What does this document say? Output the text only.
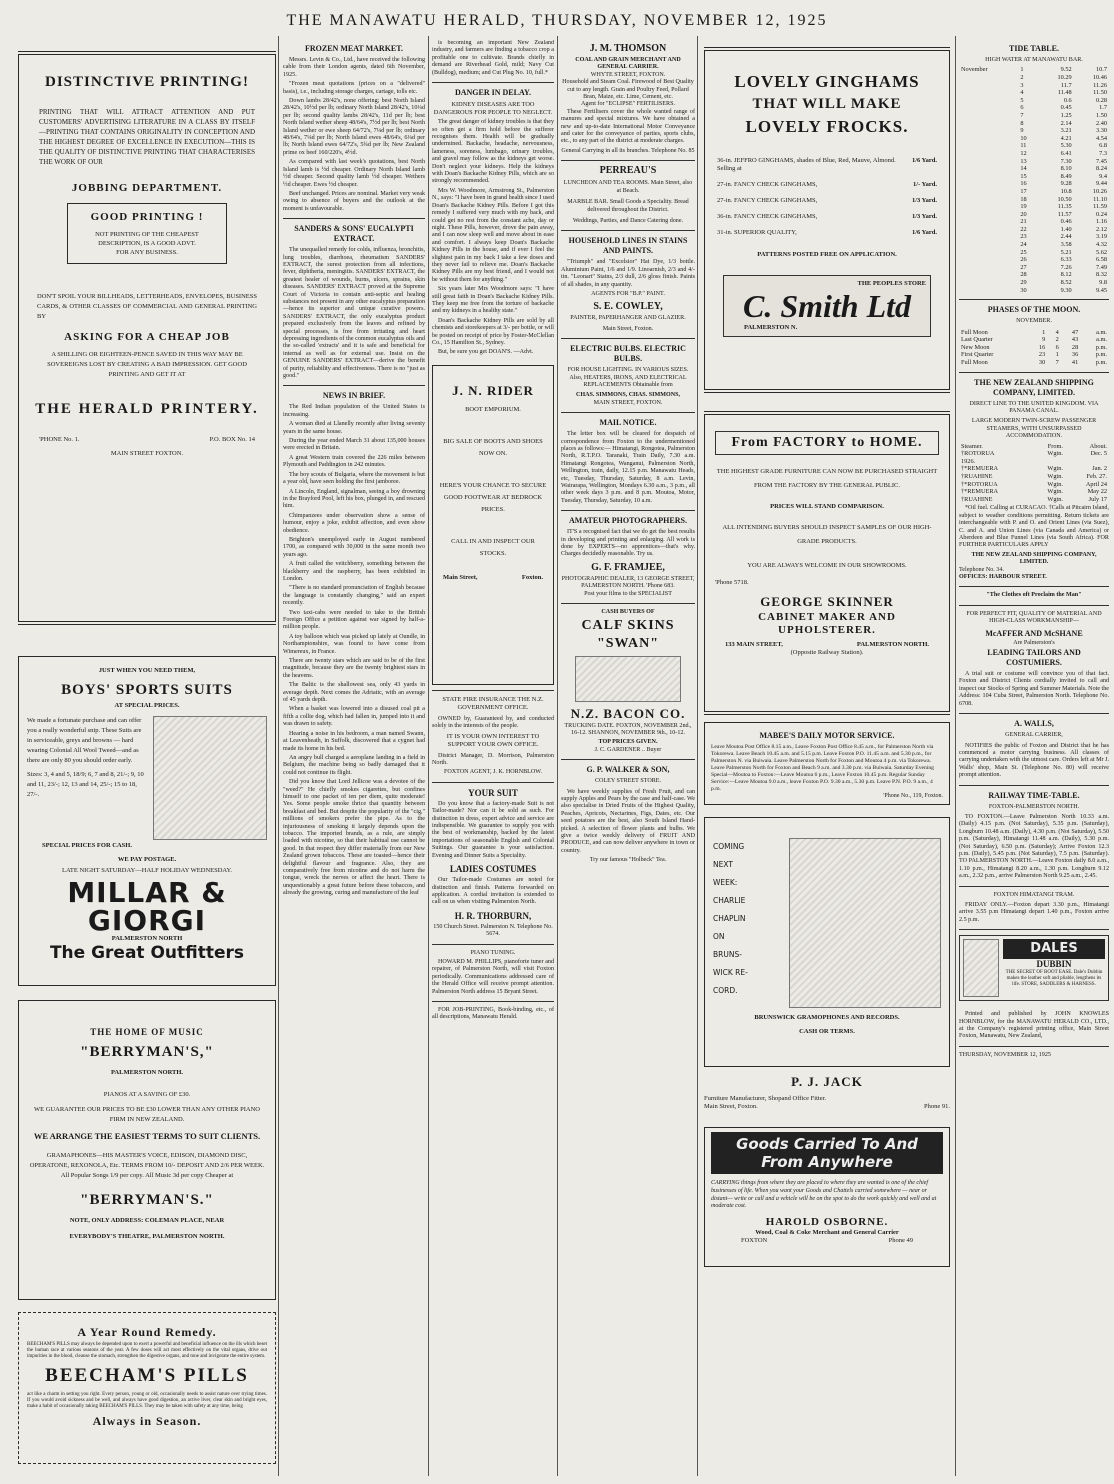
THE MANAWATU HERALD, THURSDAY, NOVEMBER 12, 1925
DISTINCTIVE PRINTING!
PRINTING THAT WILL ATTRACT ATTENTION AND PUT CUSTOMERS' ADVERTISING LITERATURE IN A CLASS BY ITSELF—PRINTING THAT CONTAINS ORIGINALITY IN CONCEPTION AND THE HIGHEST DEGREE OF EXCELLENCE IN EXECUTION—THIS IS THE QUALITY OF DISTINCTIVE PRINTING THAT CHARACTERISES THE WORK OF OUR
JOBBING DEPARTMENT.
GOOD PRINTING !
NOT PRINTING OF THE CHEAPEST DESCRIPTION, IS A GOOD ADVT. FOR ANY BUSINESS.
DON'T SPOIL YOUR BILLHEADS, LETTERHEADS, ENVELOPES, BUSINESS CARDS, & OTHER CLASSES OF COMMERCIAL AND GENERAL PRINTING BY
ASKING FOR A CHEAP JOB
A SHILLING OR EIGHTEEN-PENCE SAVED IN THIS WAY MAY BE SOVEREIGNS LOST BY CREATING A BAD IMPRESSION. GET GOOD PRINTING AND GET IT AT
THE HERALD PRINTERY.
'PHONE No. 1.	P.O. BOX No. 14
MAIN STREET FOXTON.
JUST WHEN YOU NEED THEM,
BOYS' SPORTS SUITS
AT SPECIAL PRICES.
We made a fortunate purchase and can offer you a really wonderful snip. These Suits are in serviceable, greys and browns — hard wearing Colonial All Wool Tweed—and as there are only 80 you should order early.
Sizes: 3, 4 and 5, 18/9; 6, 7 and 8, 21/-; 9, 10 and 11, 23/-; 12, 13 and 14, 25/-; 15 to 18, 27/-.
SPECIAL PRICES FOR CASH.
WE PAY POSTAGE.
LATE NIGHT SATURDAY—HALF HOLIDAY WEDNESDAY.
MILLAR & GIORGI
PALMERSTON NORTH
The Great Outfitters
THE HOME OF MUSIC
"BERRYMAN'S,"
PALMERSTON NORTH.
PIANOS AT A SAVING OF £30.
WE GUARANTEE OUR PRICES TO BE £30 LOWER THAN ANY OTHER PIANO FIRM IN NEW ZEALAND.
WE ARRANGE THE EASIEST TERMS TO SUIT CLIENTS.
GRAMAPHONES—HIS MASTER'S VOICE, EDISON, DIAMOND DISC, OPERATONE, REXONOLA, Etc. TERMS FROM 10/- DEPOSIT AND 2/6 PER WEEK. All Popular Songs 1/9 per copy. All Music 3d per copy Cheaper at
"BERRYMAN'S."
NOTE, ONLY ADDRESS: COLEMAN PLACE, NEAR
EVERYBODY'S THEATRE, PALMERSTON NORTH.
A Year Round Remedy.
BEECHAM'S PILLS may always be depended upon to exert a powerful and beneficial influence on the ills which beset the human race at various seasons of the year. A few doses will act most effectively on the vital organs, drive out impurities in the blood, cleanse the stomach, strengthen the digestive organs, and tone and invigorate the entire system.
BEECHAM'S PILLS
act like a charm in setting you right. Every person, young or old, occasionally needs to assist nature over trying times. If you would avoid sickness and be well, and always have good digestion, an active liver, clear skin and bright eyes, make a habit of occasionally taking BEECHAM'S PILLS. They may be taken with safety at any time, being
Always in Season.
FROZEN MEAT MARKET.

Messrs. Levin & Co., Ltd., have received the following cable from their London agents, dated 6th November, 1925.

"Frozen meat quotations (prices on a "delivered" basis), i.e., including storage charges, cartage, tolls etc.

Down lambs 28/42's, none offering; best North Island 28/42's, 10½d per lb; ordinary North Island 28/42's, 10¼d per lb; second quality lambs 28/42's, 11d per lb; best North Island wether sheep 48/64's, 7½d per lb; best North Island wether or ewe sheep 64/72's, 7¼d per lb; ordinary 48/64's, 7¼d per lb; North Island ewes 48/64's, 6¼d per lb; North Island ewes 64/72's, 5¾d per lb; New Zealand prime ox beef 160/220's, 4½d.

As compared with last week's quotations, best North Island lamb is ½d cheaper. Ordinary North Island lamb ½d cheaper. Second quality lamb ½d cheaper. Wethers ½d cheaper. Ewes ½d cheaper.

Beef unchanged. Prices are nominal. Market very weak owing to absence of buyers and the outlook at the moment is unfavourable.

SANDERS & SONS' EUCALYPTI EXTRACT.

The unequalled remedy for colds, influenza, bronchitis, lung troubles, diarrhoea, rheumatism SANDERS' EXTRACT, the surest protection from all infections, fever, diphtheria, meningitis. SANDERS' EXTRACT, the greatest healer of wounds, burns, ulcers, sprains, skin diseases. SANDERS' EXTRACT proved at the Supreme Court of Victoria to contain anti-septic and healing substances not present in any other eucalyptus preparation—hence its superior and unique curative powers. SANDERS' EXTRACT, the only eucalyptus product prepared exclusively from the leaves and refined by special processes, is free from irritating and heart depressing ingredients of the common eucalyptus oils and the so-called 'extracts' and it is safe and beneficial for internal as well as for external use. Insist on the GENUINE SANDERS' EXTRACT—derive the benefit of purity, reliability and effectiveness. There is no "just as good."

NEWS IN BRIEF.

The Red Indian population of the United States is increasing.

A woman died at Llanelly recently after living seventy years in the same house.

During the year ended March 31 about 135,000 houses were erected in Britain.

A great Western train covered the 226 miles between Plymouth and Paddington in 242 minutes.

The boy scouts of Bulgaria, where the movement is but a year old, have seen holding the first jamboree.

A Lincoln, England, signalman, seeing a boy drowning in the Brayford Pool, left his box, plunged in, and rescued him.

Chimpanzees under observation show a sense of humour, enjoy a joke, exhibit affection, and even show obedience.

Brighton's unemployed early in August numbered 1700, as compared with 30,000 in the same month two years ago.

A fruit called the veitchberry, something between the blackberry and the raspberry, has been exhibited in London.

"There is no standard pronunciation of English because the language is constantly changing," said an expert recently.

Two taxi-cabs were needed to take to the British Foreign Office a petition against war signed by half-a-million people.

A toy balloon which was picked up lately at Oundle, in Northamptonshire, was found to have come from Wimereux, in France.

There are twenty stars which are said to be of the first magnitude, because they are the twenty brightest stars in the heavens.

The Baltic is the shallowest sea, only 43 yards in average depth. Next comes the Adriatic, with an average of 45 yards depth.

When a basket was lowered into a disused coal pit a fifth a collie dog, which had fallen in, jumped into it and was drawn to safety.

Hearing a noise in his bedroom, a man named Swann, at Leavenheath, in Suffolk, discovered that a cygnet had made its home in his bed.

An angry bull charged a aeroplane landing in a field in Belgium, the machine being so badly damaged that it could not continue its flight.

Did you know that Lord Jellicoe was a devotee of the "weed?" He chiefly smokes cigarettes, but confines himself to one packet of ten per diem, quite moderate! Yes. Some people smoke thrice that quantity between breakfast and bed. But despite the popularity of the "cig," millions of smokers prefer the pipe. As to the injuriousness of smoking it largely depends upon the tobacco. The imported brands, as a rule, are simply loaded with nicotine, so that their habitual use cannot be good. In that respect they differ materially from our New Zealand grown tobaccos. These are toasted—hence their delightful flavour and fragrance. Also, they are comparatively free from nicotine and do not harm the tongue, wreck the nerves or affect the heart. There is unquestionably a great future before these tobaccos, and already the growing, curing and manufacture of the leaf

is becoming an important New Zealand industry, and farmers are finding a tobacco crop a profitable one to cultivate. Brands chiefly in demand are Riverhead Gold, mild; Navy Cut (Bulldog), medium; and Cut Plug No. 10, full.*

DANGER IN DELAY.
KIDNEY DISEASES ARE TOO DANGEROUS FOR PEOPLE TO NEGLECT.

The great danger of kidney troubles is that they so often get a firm hold before the sufferer recognises them. Health will be gradually undermined. Backache, headache, nervousness, lameness, soreness, lumbago, urinary troubles, and gravel may follow as the kidneys get worse. Don't neglect your kidneys. Help the kidneys with Doan's Backache Kidney Pills, which are so strongly recommended.

Mrs W. Woodmore, Armstrong St., Palmerston N., says: "I have been in grand health since I used Doan's Backache Kidney Pills. Before I got this remedy I suffered very much with my back, and could get no rest from the constant ache, day or night. These Pills, however, drove the pain away, and I can now sleep well and move about in ease and comfort. I always keep Doan's Backache Kidney Pills in the house, and if ever I feel the slightest pain in my back I take a few doses and they never fail to relieve me. Doan's Backache Kidney Pills are my best friend, and I would not be without them for anything."

Six years later Mrs Woodmore says: "I have still great faith in Doan's Backache Kidney Pills. They keep me free from the torture of backache and my kidneys in a healthy state."

Doan's Backache Kidney Pills are sold by all chemists and storekeepers at 3/- per bottle, or will be posted on receipt of price by Foster-McClellan Co., 15 Hamilton St., Sydney.

But, be sure you get DOAN'S. —Advt.

J. N. RIDER
BOOT EMPORIUM.
BIG SALE OF BOOTS AND SHOES NOW ON.
HERE'S YOUR CHANCE TO SECURE GOOD FOOTWEAR AT BEDROCK PRICES.
CALL IN AND INSPECT OUR STOCKS.
Main Street,	Foxton.
STATE FIRE INSURANCE THE N.Z. GOVERNMENT OFFICE.

OWNED by, Guaranteed by, and conducted solely in the interests of the people.

IT IS YOUR OWN INTEREST TO SUPPORT YOUR OWN OFFICE.

District Manager, D. Morrison, Palmerston North.

FOXTON AGENT, J. K. HORNBLOW.
YOUR SUIT

Do you know that a factory-made Suit is not Tailor-made? Nor can it be sold as such. For distinction in dress, expert advice and service are indispensible. We guarantee to supply you with the best of workmanship, backed by the latest importations of seasonable English and Colonial Suitings. Our guarantee is your satisfaction. Evening and Dinner Suits a Speciality.

LADIES COSTUMES

Our Tailor-made Costumes are noted for distinction and finish. Patterns forwarded on application. A cordial invitation is extended to call on us when visiting Palmerston North.

H. R. THORBURN,
150 Church Street. Palmerston N. Telephone No. 5674.
PIANO TUNING.

HOWARD M. PHILLIPS, pianoforte tuner and repairer, of Palmerston North, will visit Foxton periodically. Communications addressed care of the Herald Office will receive prompt attention. Palmerston North address 15 Bryant Street.

FOR JOB-PRINTING, Book-binding, etc., of all descriptions, Manawatu Herald.

J. M. THOMSON
COAL AND GRAIN MERCHANT AND GENERAL CARRIER.
WHYTE STREET, FOXTON.
Household and Steam Coal. Firewood of Best Quality cut to any length. Grain and Poultry Feed, Pollard Bran, Maize, etc. Lime, Cement, etc.
Agent for "ECLIPSE" FERTILISERS.

These Fertilisers cover the whole wanted range of manures and special mixtures. We have obtained a new and up-to-date International Motor Conveyance and cater for the conveyance of parties, sports clubs, etc., to any part of the district at moderate charges.

General Carrying in all its branches. Telephone No. 85
PERREAU'S
LUNCHEON AND TEA ROOMS. Main Street, also at Beach.
MARBLE BAR. Small Goods a Speciality. Bread delivered throughout the District.
Weddings, Parties, and Dance Catering done.
HOUSEHOLD LINES IN STAINS AND PAINTS.

"Triumph" and "Excelsior" Hat Dye, 1/3 bottle. Aluminium Paint, 1/6 and 1/9. Linoarnish, 2/3 and 4/- tin. "Leonart" Stains, 2/3 dull, 2/6 gloss finish. Paints of all shades, in any quantity.

AGENTS FOR "B.P." PAINT.
S. E. COWLEY,
PAINTER, PAPERHANGER AND GLAZIER.
Main Street, Foxton.
ELECTRIC BULBS. ELECTRIC BULBS.
FOR HOUSE LIGHTING. IN VARIOUS SIZES. Also, HEATERS, IRONS, AND ELECTRICAL REPLACEMENTS Obtainable from
CHAS. SIMMONS, CHAS. SIMMONS,
MAIN STREET, FOXTON.
MAIL NOTICE.

The letter box will be cleared for despatch of correspondence from Foxton to the undermentioned places as follows:— Himatangi, Rongotea, Palmerston North, R.T.P.O. Taranaki, Train Daily, 7.30 a.m. Himatangi Rongotea, Wanganui, Palmerston North, Wellington, train, daily, 12.15 p.m. Manawatu Heads, etc, Tuesday, Thursday, Saturday, 8 a.m. Levin, Wairarapa, Wellington, Mondays 6.30 a.m., 3 p.m., all other week days 3 p.m. and 8 p.m. Moutoa, Motor, Tuesday, Thursday, Saturday, 10 a.m.

AMATEUR PHOTOGRAPHERS.

IT'S a recognised fact that we do get the best results in developing and printing and enlarging. All work is done by EXPERTS—no apprentices—that's why. Charges decidedly reasonable. Try us.

G. F. FRAMJEE,
PHOTOGRAPHIC DEALER, 13 GEORGE STREET, PALMERSTON NORTH. 'Phone 683.
Post your films to the SPECIALIST
CASH BUYERS OF
CALF SKINS
"SWAN"
N.Z. BACON CO.
TRUCKING DATE. FOXTON, NOVEMBER 2nd., 16-12. SHANNON, NOVEMBER 9th., 10-12.
TOP PRICES GIVEN.
J. C. GARDENER .. Buyer
G. P. WALKER & SON,
COLEY STREET STORE.

We have weekly supplies of Fresh Fruit, and can supply Apples and Pears by the case and half-case. We also specialise in Dried Fruits of the Highest Quality, Peaches, Apricots, Nectarines, Figs, Dates, etc. Our seed potatoes are the best, also South Island Hand-picked. A selection of flower plants and bulbs. We give a twice weekly delivery of FRUIT AND PRODUCE, and can now deliver anywhere in town or country.

Try our famous "Holbeck" Tea.
LOVELY GINGHAMS
THAT WILL MAKE
LOVELY FROCKS.
36-in. JEFFRO GINGHAMS, shades of Blue, Red, Mauve, Almond. Selling at
1/6 Yard.
27-in. FANCY CHECK GINGHAMS,	1/- Yard.
27-in. FANCY CHECK GINGHAMS,	1/3 Yard.
36-in. FANCY CHECK GINGHAMS,	1/3 Yard.
31-in. SUPERIOR QUALITY,	1/6 Yard.
PATTERNS POSTED FREE ON APPLICATION.
THE PEOPLES STORE
C. Smith Ltd
PALMERSTON N.
From FACTORY to HOME.
THE HIGHEST GRADE FURNITURE CAN NOW BE PURCHASED STRAIGHT FROM THE FACTORY BY THE GENERAL PUBLIC.
PRICES WILL STAND COMPARISON.
ALL INTENDING BUYERS SHOULD INSPECT SAMPLES OF OUR HIGH-GRADE PRODUCTS.
YOU ARE ALWAYS WELCOME IN OUR SHOWROOMS.
'Phone 5718.
GEORGE SKINNER
CABINET MAKER AND UPHOLSTERER.
133 MAIN STREET,	PALMERSTON NORTH.
(Opposite Railway Station).
MABEE'S DAILY MOTOR SERVICE.
Leave Moutoa Post Office 8.15 a.m., Leave Foxton Post Office 8.45 a.m., for Palmerston North via Tokorewa. Leave Beach 10.45 a.m. and 5.15 p.m. Leave Foxton P.O. 11.45 a.m. and 5.30 p.m., for Palmerston N. via Buiwaia. Leave Palmerston North for Foxton and Moutoa 4 p.m. via Tokorewa. Leave Palmerston North for Foxton and Beach 9 a.m. and 3.30 p.m. via Buiwaia. Saturday Evening Special—Moutoa to Foxton:—Leave Moutoa 6 p.m., Leave Foxton 10.45 p.m. Regular Sunday Service:—Leave Moutoa 9.0 a.m., leave Foxton P.O. 9.30 a.m., 5.30 p.m. Leave P.N. P.O. 9 a.m., 4 p.m.
'Phone No., 119, Foxton.
COMING
NEXT
WEEK:
CHARLIE
CHAPLIN
ON
BRUNS-
WICK RE-
CORD.
BRUNSWICK GRAMOPHONES AND RECORDS.
CASH OR TERMS.
P. J. JACK
Furniture Manufacturer, Shopand Office Fitter.
Main Street, Foxton.	Phone 91.
Goods Carried To And From Anywhere
CARRYING things from where they are placed to where they are wanted is one of the chief businesses of life. When you want your Goods and Chattels carried somewhere — near or distant— write or call and a vehicle will be on the spot to do the work quickly and well and at moderate cost.
HAROLD OSBORNE.
Wood, Coal & Coke Merchant and General Carrier
FOXTON	Phone 49
TIDE TABLE.
HIGH WATER AT MANAWATU BAR.
November	1	9.52	10.7
	2	10.29	10.46
	3	11.7	11.26
	4	11.48	11.50
	5	0.6	0.28
	6	0.45	1.7
	7	1.25	1.50
	8	2.14	2.40
	9	3.21	3.30
	10	4.21	4.54
	11	5.30	6.8
	12	6.41	7.3
	13	7.30	7.45
	14	8.10	8.24
	15	8.49	9.4
	16	9.28	9.44
	17	10.8	10.26
	18	10.50	11.10
	19	11.35	11.59
	20	11.57	0.24
	21	0.46	1.16
	22	1.40	2.12
	23	2.44	3.19
	24	3.58	4.32
	25	5.21	5.62
	26	6.33	6.58
	27	7.26	7.49
	28	8.12	8.32
	29	8.52	9.8
	30	9.30	9.45
PHASES OF THE MOON.
NOVEMBER.
Full Moon	1	4	47	a.m.
Last Quarter	9	2	43	a.m.
New Moon	16	6	28	p.m.
First Quarter	23	1	36	p.m.
Full Moon	30	7	41	p.m.
THE NEW ZEALAND SHIPPING COMPANY, LIMITED.
DIRECT LINE TO THE UNITED KINGDOM. VIA PANAMA CANAL.
LARGE MODERN TWIN-SCREW PASSENGER STEAMERS, WITH UNSURPASSED ACCOMMODATION.
Steamer.	From.	About.
†ROTORUA	Wgtn.	Dec. 5
1926.		
†*REMUERA	Wgtn.	Jan. 2
†RUAHINE	Wgtn.	Feb. 27.
†*ROTORUA	Wgtn.	April 24
†*REMUERA	Wgtn.	May 22
†RUAHINE	Wgtn.	July 17

*Oil fuel. Calling at CURACAO. †Calls at Pitcairn Island, subject to weather conditions permitting. Return tickets are interchangeable with P. and O. and Orient Lines (via Suez), C. and A. and Union Lines (via Canada and America) or Aberdeen and Blue Funnel Lines (via South Africa). FOR FURTHER PARTICULARS APPLY

THE NEW ZEALAND SHIPPING COMPANY, LIMITED.
Telephone No. 34.
OFFICES: HARBOUR STREET.
"The Clothes oft Proclaim the Man"
FOR PERFECT FIT, QUALITY OF MATERIAL AND HIGH-CLASS WORKMANSHIP—
McAFFER AND McSHANE
Are Palmerston's
LEADING TAILORS AND COSTUMIERS.

A trial suit or costume will convince you of that fact. Foxton and District Clients cordially invited to call and inspect our Stocks of Spring and Summer Materials. Note the Address: 104 Cuba Street, Palmerston North. Telephone No. 6708.

A. WALLS,
GENERAL CARRIER,

NOTIFIES the public of Foxton and District that he has commenced a motor carrying business. All classes of carrying undertaken with the utmost care. Orders left at Mr J. Walls' shop, Main St. (Telephone No. 80) will receive prompt attention.

RAILWAY TIME-TABLE.
FOXTON-PALMERSTON NORTH.

TO FOXTON.—Leave Palmerston North 10.33 a.m. (Daily) 4.15 p.m. (Not Saturday), 5.35 p.m. (Saturday), Longburn 10.48 a.m. (Daily), 4.30 p.m. (Not Saturday), 5.50 p.m. (Saturday), Himatangi 11.48 a.m. (Daily), 5.30 p.m. (Not Saturday), 6.50 p.m. (Saturday); Arrive Foxton 12.3 p.m. (Daily), 5.45 p.m. (Not Saturday), 7.5 p.m. (Saturday). TO PALMERSTON NORTH.—Leave Foxton daily 8.0 a.m., 1.10 p.m., Himatangi 8.20 a.m., 1.30 p.m. Longburn 9.12 a.m., 2.32 p.m., arrive Palmerston North 9.25 a.m., 2.45.

FOXTON HIMATANGI TRAM.

FRIDAY ONLY.—Foxton depart 3.30 p.m., Himatangi arrive 3.55 p.m Himatangi depart 1.40 p.m., Foxton arrive 2.5 p.m.

DALES
DUBBIN
THE SECRET OF BOOT EASE. Dale's Dubbin makes the leather soft and pliable, lengthens its life. STORE, SADDLERS & HARNESS.

Printed and published by JOHN KNOWLES HORNBLOW, for the MANAWATU HERALD CO., LTD., at the Company's registered printing office, Main Street Foxton, Manawatu, New Zealand,

THURSDAY, NOVEMBER 12, 1925
